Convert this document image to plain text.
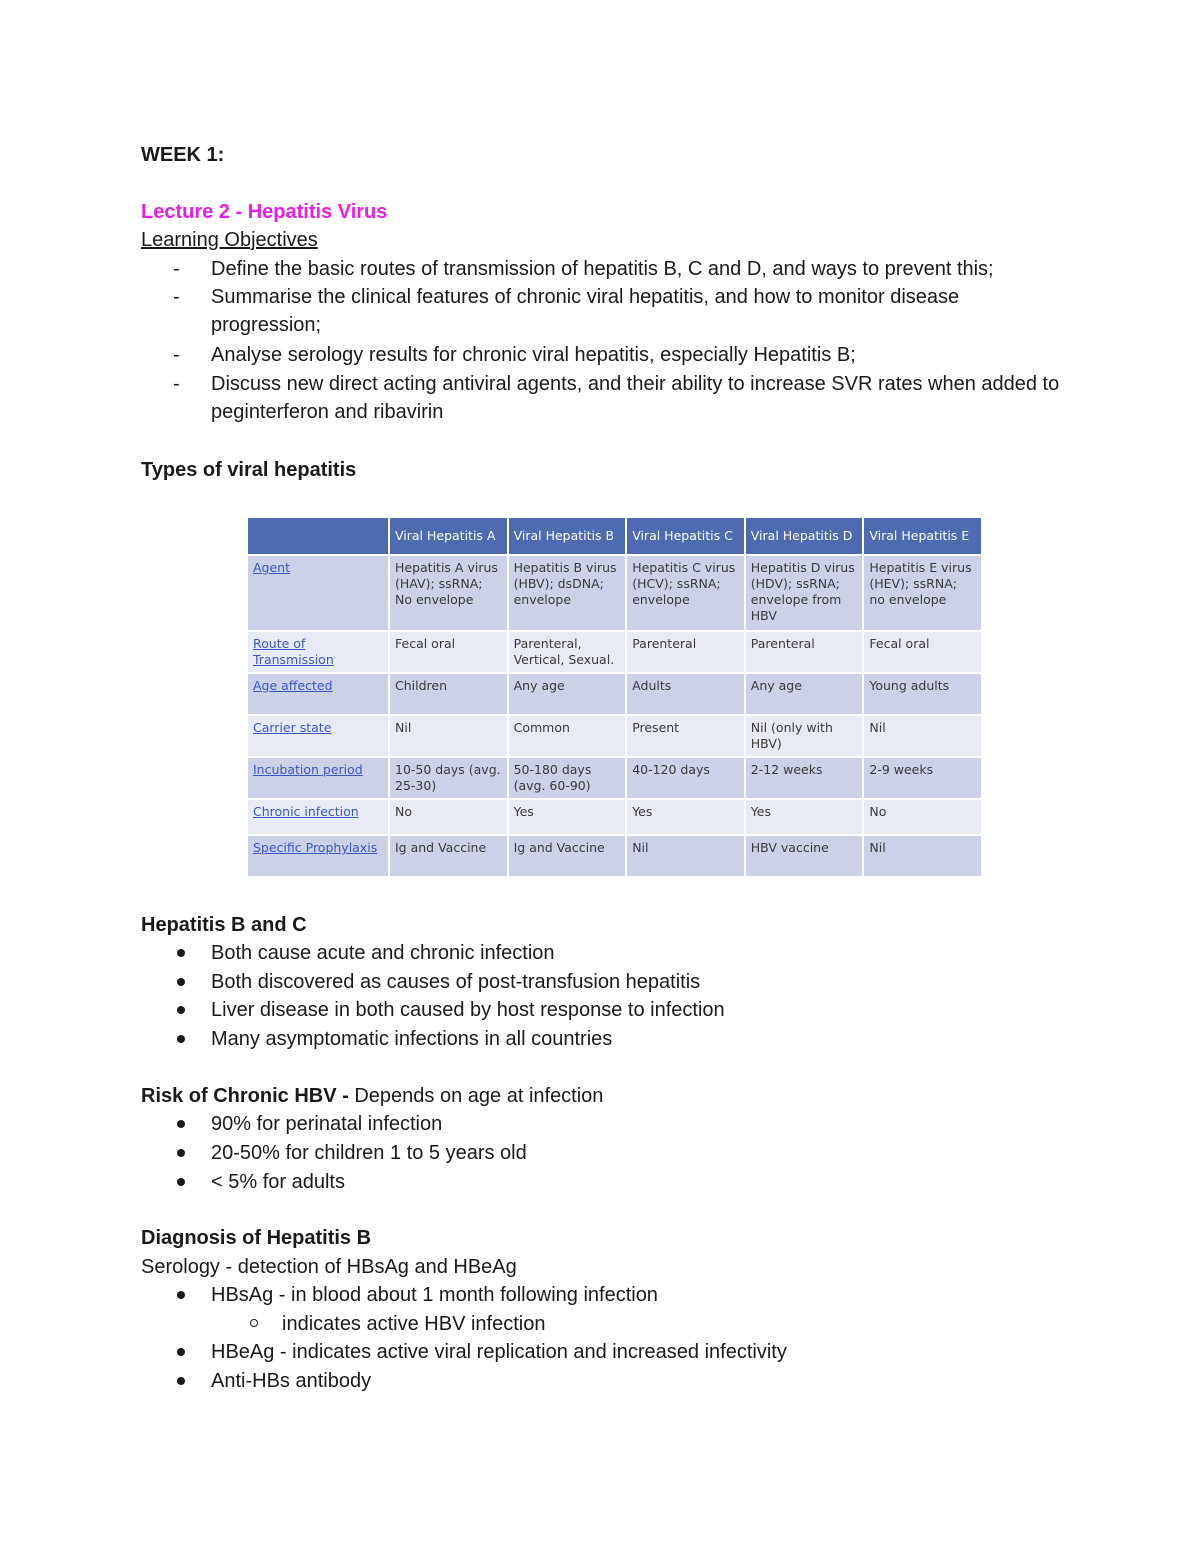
WEEK 1:
Lecture 2 - Hepatitis Virus
Learning Objectives
- Define the basic routes of transmission of hepatitis B, C and D, and ways to prevent this;
- Summarise the clinical features of chronic viral hepatitis, and how to monitor disease progression;
- Analyse serology results for chronic viral hepatitis, especially Hepatitis B;
- Discuss new direct acting antiviral agents, and their ability to increase SVR rates when added to peginterferon and ribavirin
Types of viral hepatitis
	Viral Hepatitis A	Viral Hepatitis B	Viral Hepatitis C	Viral Hepatitis D	Viral Hepatitis E
Agent	Hepatitis A virus (HAV); ssRNA; No envelope	Hepatitis B virus (HBV); dsDNA; envelope	Hepatitis C virus (HCV); ssRNA; envelope	Hepatitis D virus (HDV); ssRNA; envelope from HBV	Hepatitis E virus (HEV); ssRNA; no envelope
Route of Transmission	Fecal oral	Parenteral, Vertical, Sexual.	Parenteral	Parenteral	Fecal oral
Age affected	Children	Any age	Adults	Any age	Young adults
Carrier state	Nil	Common	Present	Nil (only with HBV)	Nil
Incubation period	10-50 days (avg. 25-30)	50-180 days (avg. 60-90)	40-120 days	2-12 weeks	2-9 weeks
Chronic infection	No	Yes	Yes	Yes	No
Specific Prophylaxis	Ig and Vaccine	Ig and Vaccine	Nil	HBV vaccine	Nil
Hepatitis B and C
Both cause acute and chronic infection
Both discovered as causes of post-transfusion hepatitis
Liver disease in both caused by host response to infection
Many asymptomatic infections in all countries
Risk of Chronic HBV - Depends on age at infection
90% for perinatal infection
20-50% for children 1 to 5 years old
< 5% for adults
Diagnosis of Hepatitis B
Serology - detection of HBsAg and HBeAg
HBsAg - in blood about 1 month following infection
indicates active HBV infection
HBeAg - indicates active viral replication and increased infectivity
Anti-HBs antibody
